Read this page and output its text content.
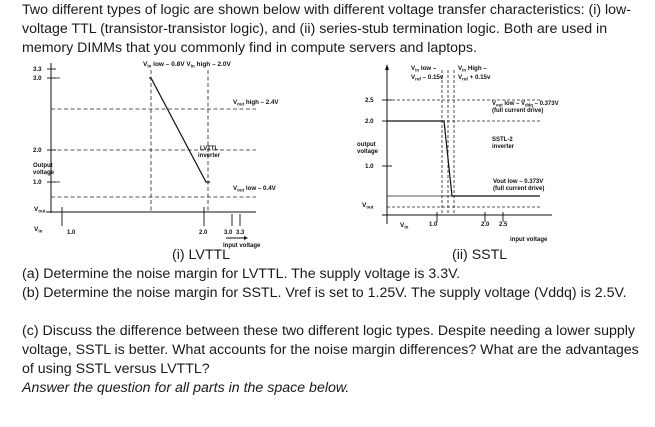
Two different types of logic are shown below with different voltage transfer characteristics: (i) low-voltage TTL (transistor-transistor logic), and (ii) series-stub termination logic. Both are used in memory DIMMs that you commonly find in compute servers and laptops.

$V_{in}$ low – 0.8V $V_{in}$ high – 2.0V
3.3
3.0
2.0
1.0
Output
voltage
$V_{out}$
$V_{in}$	1.0	2.0	3.0 3.3
Input voltage
LVTTL
inverter
$V_{out}$ high – 2.4V
$V_{out}$ low – 0.4V
2.5
2.0
1.0
output
voltage
$V_{out}$
$V_{in}$	1.0	2.0 2.5
input voltage
$V_{in}$ low –
$V_{ref} - 0.15v$
$V_{in}$ High –
$V_{ref} + 0.15v$
SSTL-2
inverter
$V_{out}$ low – $V_{ddq} - 0.373V$
(full current drive)
Vout low – 0.373V
(full current drive)
(i) LVTTL	(ii) SSTL

(a) Determine the noise margin for LVTTL. The supply voltage is 3.3V.

(b) Determine the noise margin for SSTL. Vref is set to 1.25V. The supply voltage (Vddq) is 2.5V.

(c) Discuss the difference between these two different logic types. Despite needing a lower supply voltage, SSTL is better. What accounts for the noise margin differences? What are the advantages of using SSTL versus LVTTL?

Answer the question for all parts in the space below.
